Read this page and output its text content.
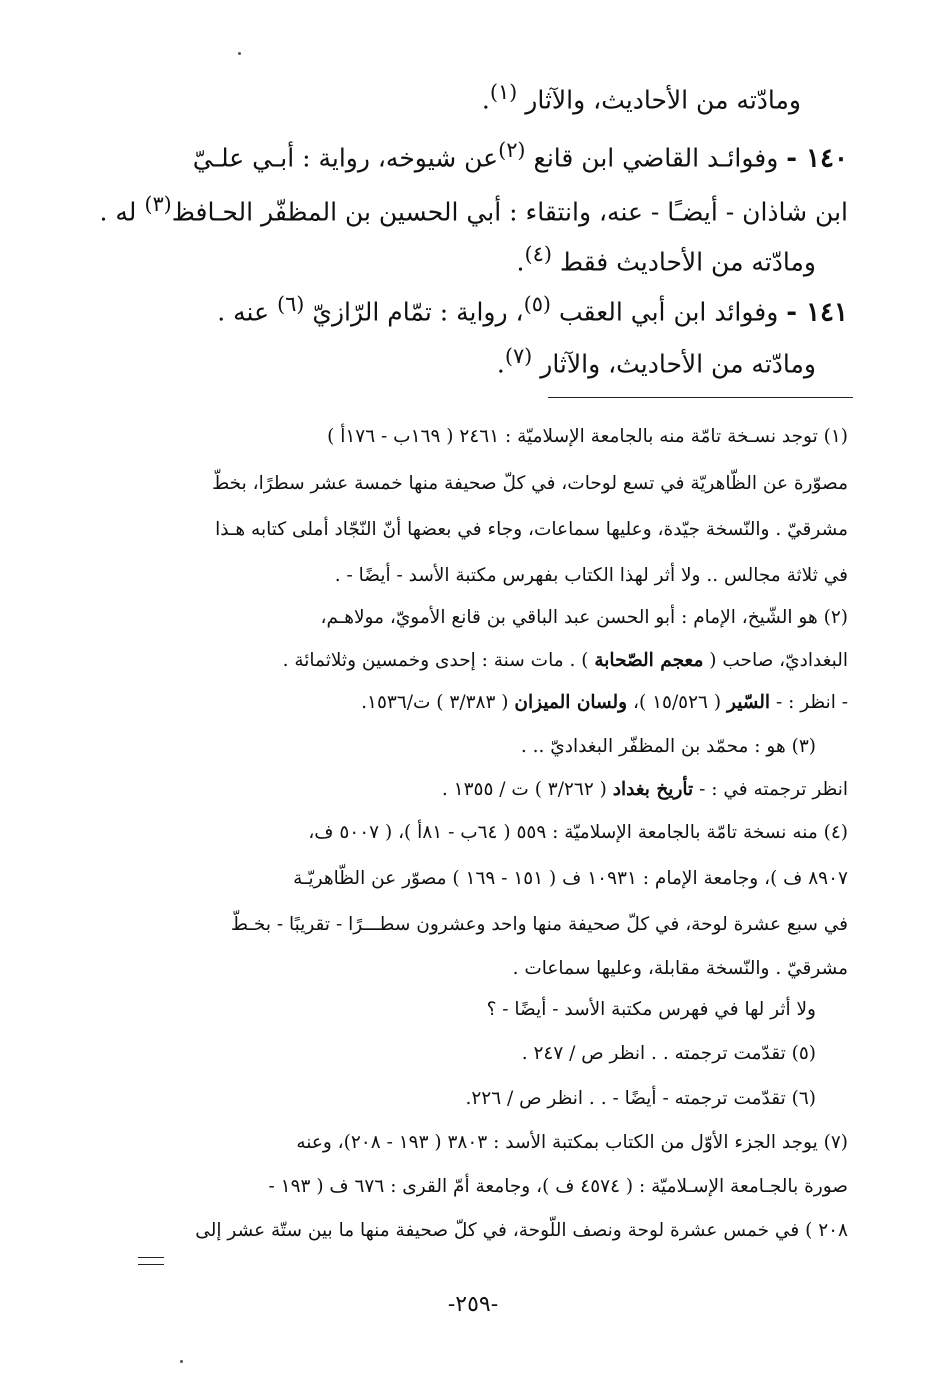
ومادّته من الأحاديث، والآثار $^{(١)}$.
١٤٠ - وفوائـد القاضي ابن قانع $^{(٢)}$عن شيوخه، رواية : أبـي علـيّ
ابن شاذان - أيضـًا - عنه، وانتقاء : أبي الحسين بن المظفّر الحـافظ$^{(٣)}$ له .
ومادّته من الأحاديث فقط $^{(٤)}$.
١٤١ - وفوائد ابن أبي العقب $^{(٥)}$، رواية : تمّام الرّازيّ $^{(٦)}$ عنه .
ومادّته من الأحاديث، والآثار $^{(٧)}$.
(١) توجد نسـخة تامّة منه بالجامعة الإسلاميّة : ٢٤٦١ ( ١٦٩ب - ١٧٦أ )
مصوّرة عن الظّاهريّة في تسع لوحات، في كلّ صحيفة منها خمسة عشر سطرًا، بخطّ
مشرقيّ . والنّسخة جيّدة، وعليها سماعات، وجاء في بعضها أنّ النّجّاد أملى كتابه هـذا
في ثلاثة مجالس .. ولا أثر لهذا الكتاب بفهرس مكتبة الأسد - أيضًا - .
(٢) هو الشّيخ، الإمام : أبو الحسن عبد الباقي بن قانع الأمويّ، مولاهـم،
البغداديّ، صاحب ( معجم الصّحابة ) . مات سنة : إحدى وخمسين وثلاثمائة .
- انظر : - السّير ( ١٥/٥٢٦ )، ولسان الميزان ( ٣/٣٨٣ ) ت/١٥٣٦.
(٣) هو : محمّد بن المظفّر البغداديّ .. .
انظر ترجمته في : - تأريخ بغداد ( ٣/٢٦٢ ) ت / ١٣٥٥ .
(٤) منه نسخة تامّة بالجامعة الإسلاميّة : ٥٥٩ ( ٦٤ب - ٨١أ )، ( ٥٠٠٧ ف،
٨٩٠٧ ف )، وجامعة الإمام : ١٠٩٣١ ف ( ١٥١ - ١٦٩ ) مصوّر عن الظّاهريّـة
في سبع عشرة لوحة، في كلّ صحيفة منها واحد وعشرون سطـــرًا - تقريبًا - بخـطّ
مشرقيّ . والنّسخة مقابلة، وعليها سماعات .
ولا أثر لها في فهرس مكتبة الأسد - أيضًا - ؟
(٥) تقدّمت ترجمته . . انظر ص / ٢٤٧ .
(٦) تقدّمت ترجمته - أيضًا - . . انظر ص / ٢٢٦.
(٧) يوجد الجزء الأوّل من الكتاب بمكتبة الأسد : ٣٨٠٣ ( ١٩٣ - ٢٠٨)، وعنه
صورة بالجـامعة الإسـلاميّة : ( ٤٥٧٤ ف )، وجامعة أمّ القرى : ٦٧٦ ف ( ١٩٣ -
٢٠٨ ) في خمس عشرة لوحة ونصف اللّوحة، في كلّ صحيفة منها ما بين ستّة عشر إلى
-٢٥٩-
